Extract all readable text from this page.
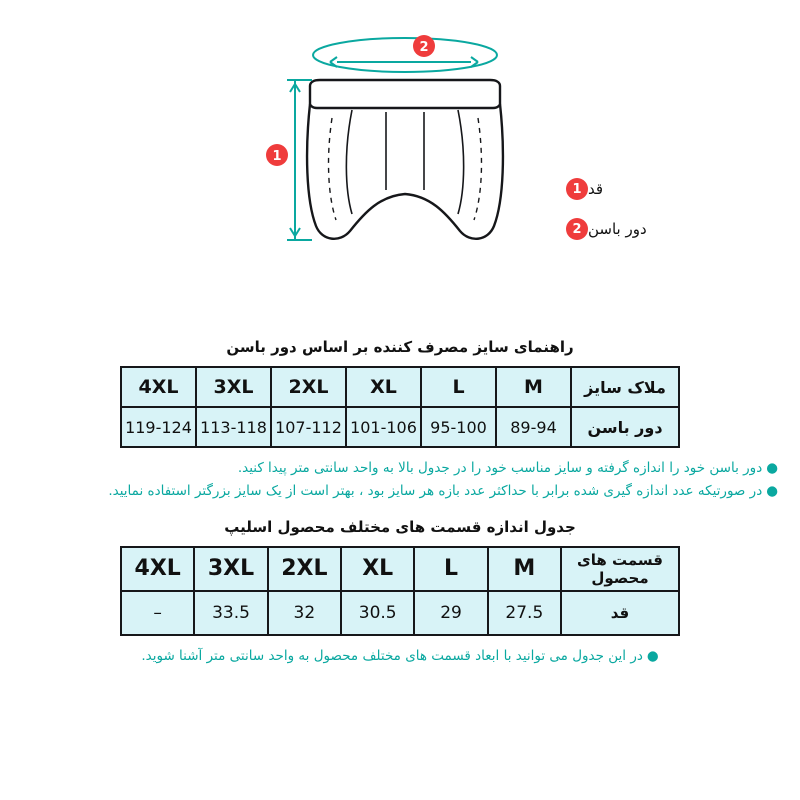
1
2
1 قد
2 دور باسن
راهنمای سایز مصرف کننده بر اساس دور باسن
ملاک سایز	M	L	XL	2XL	3XL	4XL
دور باسن	89-94	95-100	101-106	107-112	113-118	119-124
●دور باسن خود را اندازه گرفته و سایز مناسب خود را در جدول بالا به واحد سانتی متر پیدا کنید.
●در صورتیکه عدد اندازه گیری شده برابر با حداکثر عدد بازه هر سایز بود ، بهتر است از یک سایز بزرگتر استفاده نمایید.
جدول اندازه قسمت های مختلف محصول اسلیپ
قسمت های محصول	M	L	XL	2XL	3XL	4XL
قد	27.5	29	30.5	32	33.5	–
●در این جدول می توانید با ابعاد قسمت های مختلف محصول به واحد سانتی متر آشنا شوید.
